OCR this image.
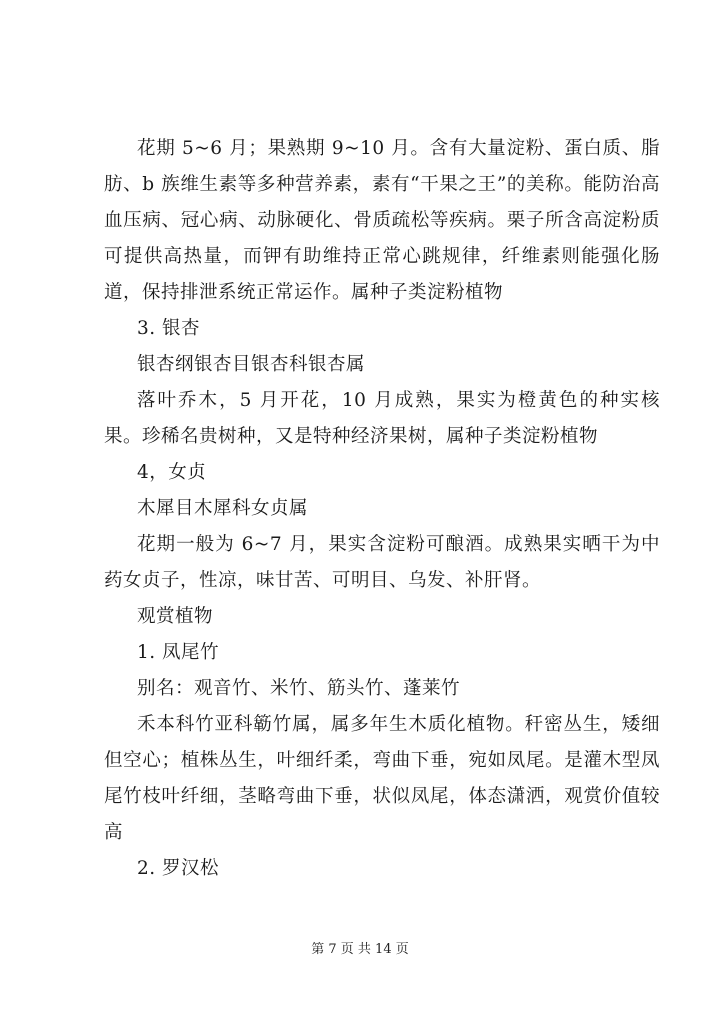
花期 5~6 月；果熟期 9~10 月。含有大量淀粉、蛋白质、脂肪、b 族维生素等多种营养素，素有“干果之王”的美称。能防治高血压病、冠心病、动脉硬化、骨质疏松等疾病。栗子所含高淀粉质可提供高热量，而钾有助维持正常心跳规律，纤维素则能强化肠道，保持排泄系统正常运作。属种子类淀粉植物

3. 银杏

银杏纲银杏目银杏科银杏属

落叶乔木，5 月开花，10 月成熟，果实为橙黄色的种实核果。珍稀名贵树种，又是特种经济果树，属种子类淀粉植物

4，女贞

木犀目木犀科女贞属

花期一般为 6~7 月，果实含淀粉可酿酒。成熟果实晒干为中药女贞子，性凉，味甘苦、可明目、乌发、补肝肾。

观赏植物

1. 凤尾竹

别名：观音竹、米竹、筋头竹、蓬莱竹

禾本科竹亚科簕竹属，属多年生木质化植物。秆密丛生，矮细但空心；植株丛生，叶细纤柔，弯曲下垂，宛如凤尾。是灌木型凤尾竹枝叶纤细，茎略弯曲下垂，状似凤尾，体态潇洒，观赏价值较高

2. 罗汉松

第 7 页 共 14 页
